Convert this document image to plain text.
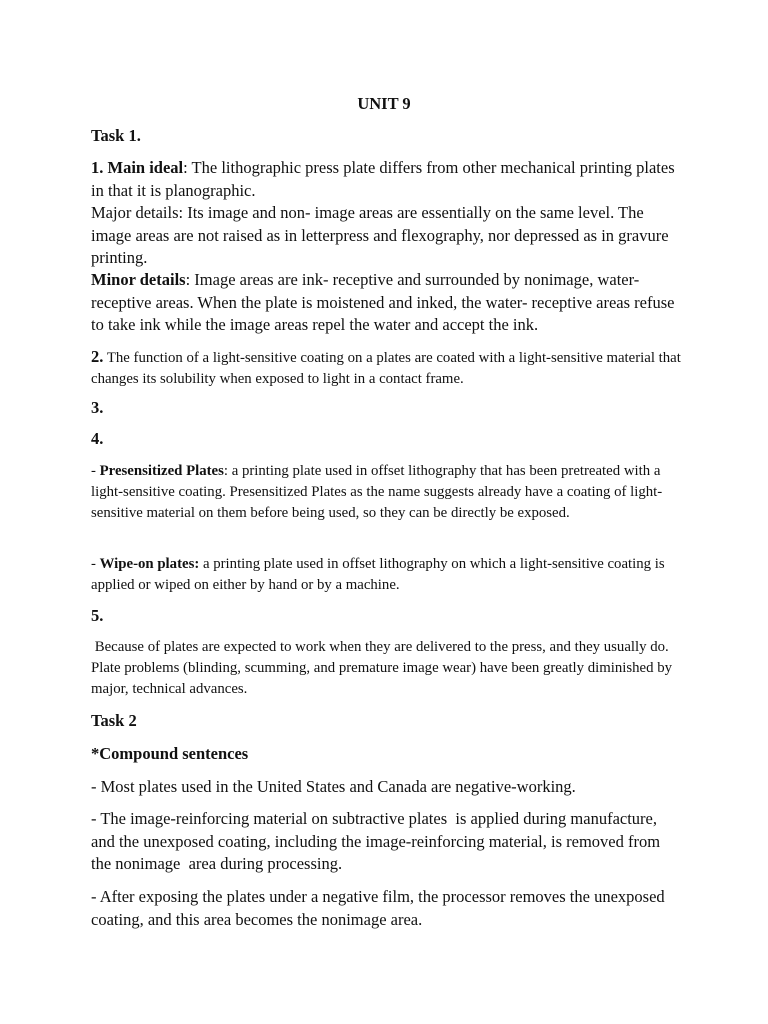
UNIT 9

Task 1.

1. Main ideal: The lithographic press plate differs from other mechanical printing plates in that it is planographic.

Major details: Its image and non- image areas are essentially on the same level. The image areas are not raised as in letterpress and flexography, nor depressed as in gravure printing.

Minor details: Image areas are ink- receptive and surrounded by nonimage, water-receptive areas. When the plate is moistened and inked, the water- receptive areas refuse to take ink while the image areas repel the water and accept the ink.

2. The function of a light-sensitive coating on a plates are coated with a light-sensitive material that changes its solubility when exposed to light in a contact frame.

3.

4.

- Presensitized Plates: a printing plate used in offset lithography that has been pretreated with a light-sensitive coating. Presensitized Plates as the name suggests already have a coating of light-sensitive material on them before being used, so they can be directly be exposed.

- Wipe-on plates: a printing plate used in offset lithography on which a light-sensitive coating is applied or wiped on either by hand or by a machine.

5.

Because of plates are expected to work when they are delivered to the press, and they usually do. Plate problems (blinding, scumming, and premature image wear) have been greatly diminished by major, technical advances.

Task 2

*Compound sentences

- Most plates used in the United States and Canada are negative-working.

- The image-reinforcing material on subtractive plates  is applied during manufacture,  and the unexposed coating, including the image-reinforcing material, is removed from the nonimage  area during processing.

- After exposing the plates under a negative film, the processor removes the unexposed coating, and this area becomes the nonimage area.
